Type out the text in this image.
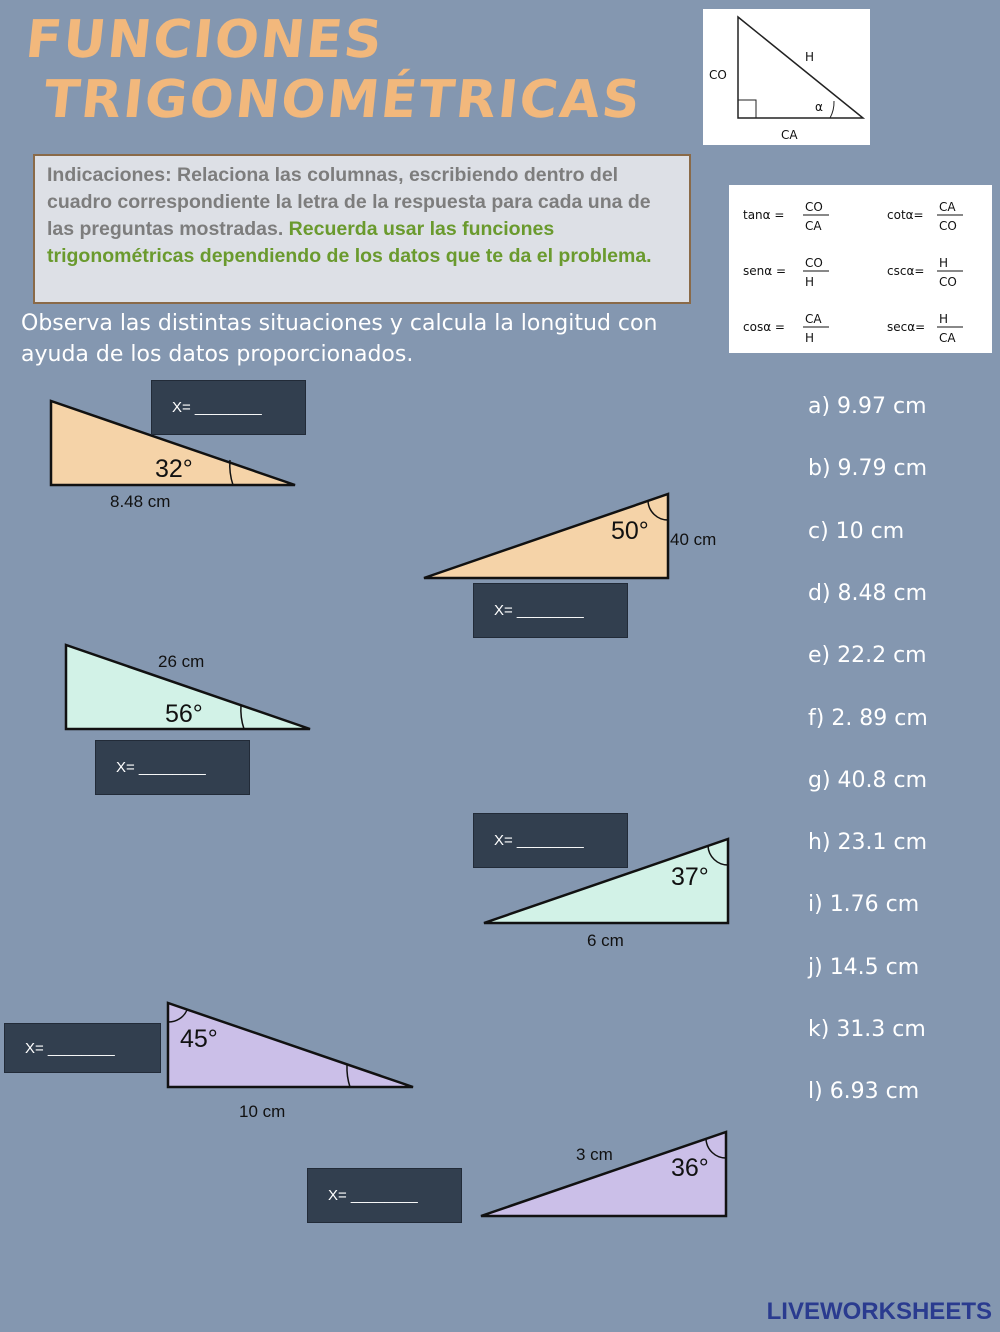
FUNCIONES
TRIGONOMÉTRICAS
Indicaciones: Relaciona las columnas, escribiendo dentro del cuadro correspondiente la letra de la respuesta para cada una de las preguntas mostradas. Recuerda usar las funciones trigonométricas dependiendo de los datos que te da el problema.
Observa las distintas situaciones y calcula la longitud con ayuda de los datos proporcionados.
CO
H
CA
α
tanα =
CO
CA
cotα=
CA
CO
senα =
CO
H
cscα=
H
CO
cosα =
CA
H
secα=
H
CA
32°
8.48 cm
50° 40 cm
56°
26 cm
37°
6 cm
45°
10 cm
36°
3 cm
X= ________
X= ________
X= ________
X= ________
X= ________
X= ________
a) 9.97 cm
b) 9.79 cm
c) 10 cm
d) 8.48 cm
e) 22.2 cm
f) 2. 89 cm
g) 40.8 cm
h) 23.1 cm
i) 1.76 cm
j) 14.5 cm
k) 31.3 cm
l) 6.93 cm
LIVEWORKSHEETS
